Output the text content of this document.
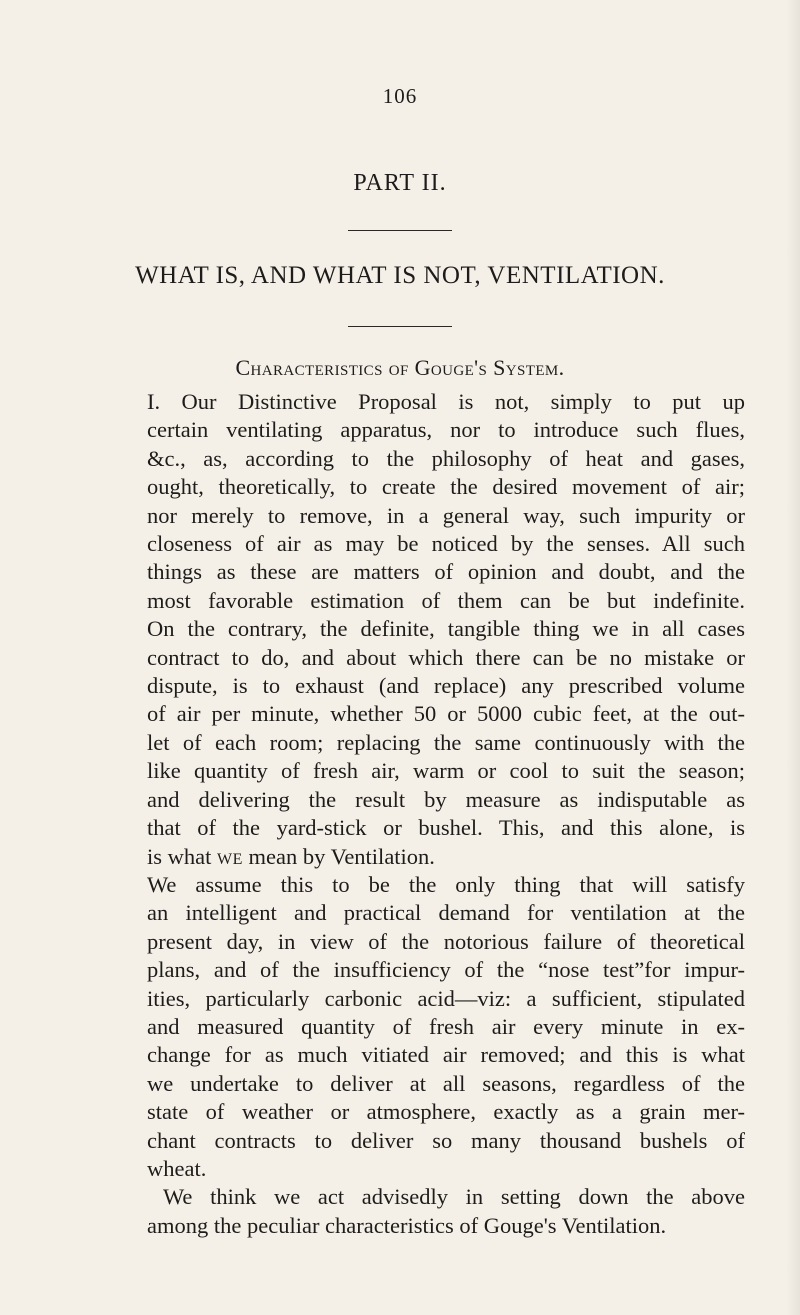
106
PART II.
WHAT IS, AND WHAT IS NOT, VENTILATION.
Characteristics of Gouge's System.
I. Our Distinctive Proposal is not, simply to put up
certain ventilating apparatus, nor to introduce such flues,
&c., as, according to the philosophy of heat and gases,
ought, theoretically, to create the desired movement of air;
nor merely to remove, in a general way, such impurity or
closeness of air as may be noticed by the senses. All such
things as these are matters of opinion and doubt, and the
most favorable estimation of them can be but indefinite.
On the contrary, the definite, tangible thing we in all cases
contract to do, and about which there can be no mistake or
dispute, is to exhaust (and replace) any prescribed volume
of air per minute, whether 50 or 5000 cubic feet, at the out-
let of each room; replacing the same continuously with the
like quantity of fresh air, warm or cool to suit the season;
and delivering the result by measure as indisputable as
that of the yard-stick or bushel. This, and this alone, is
is what we mean by Ventilation.
We assume this to be the only thing that will satisfy
an intelligent and practical demand for ventilation at the
present day, in view of the notorious failure of theoretical
plans, and of the insufficiency of the “nose test”for impur-
ities, particularly carbonic acid—viz: a sufficient, stipulated
and measured quantity of fresh air every minute in ex-
change for as much vitiated air removed; and this is what
we undertake to deliver at all seasons, regardless of the
state of weather or atmosphere, exactly as a grain mer-
chant contracts to deliver so many thousand bushels of
wheat.
We think we act advisedly in setting down the above
among the peculiar characteristics of Gouge's Ventilation.
